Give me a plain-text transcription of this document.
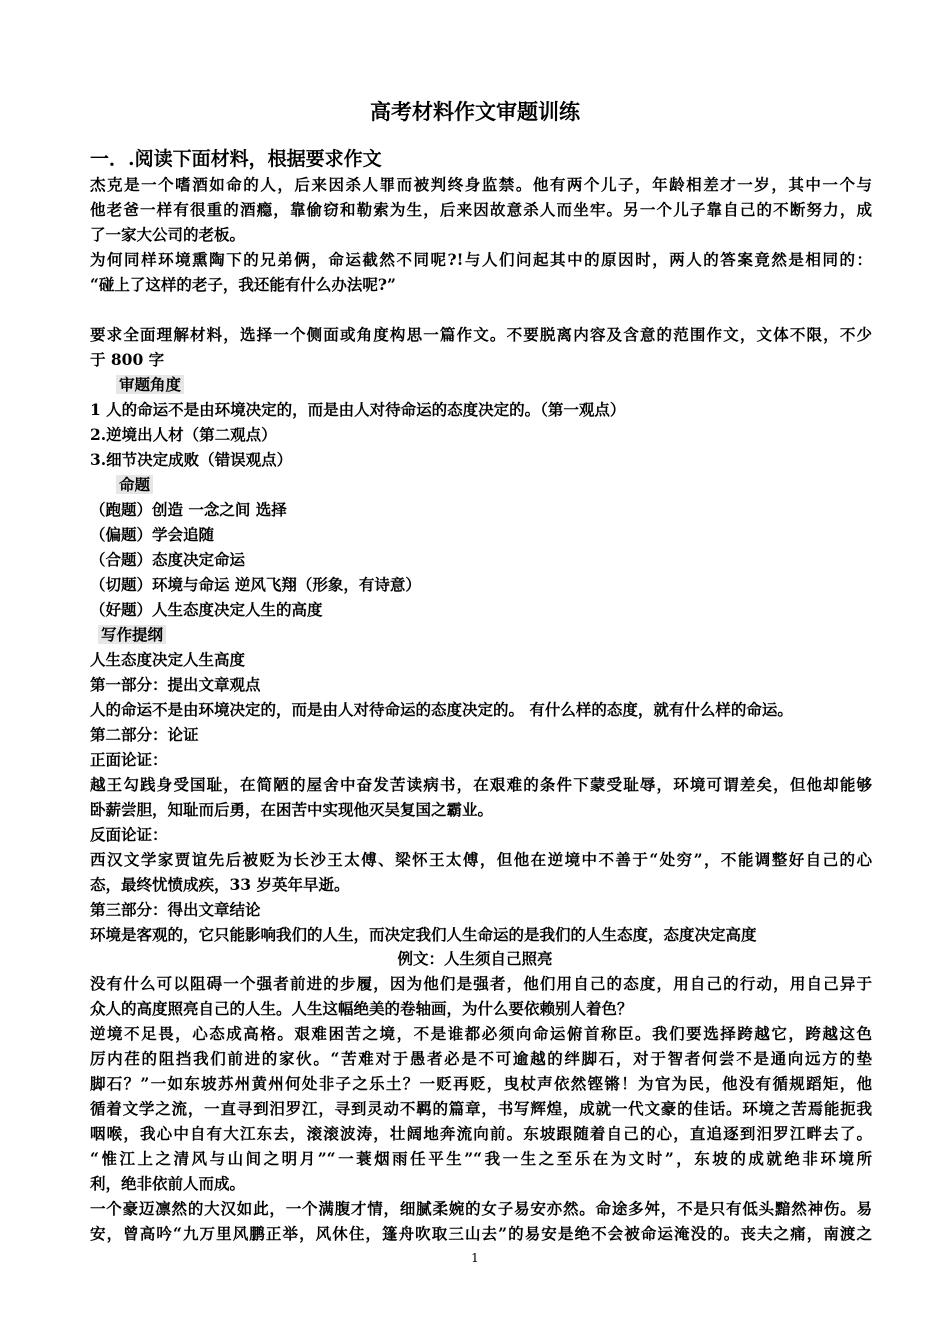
高考材料作文审题训练
一．.阅读下面材料，根据要求作文
杰克是一个嗜酒如命的人，后来因杀人罪而被判终身监禁。他有两个儿子，年龄相差才一岁，其中一个与
他老爸一样有很重的酒瘾，靠偷窃和勒索为生，后来因故意杀人而坐牢。另一个儿子靠自己的不断努力，成
了一家大公司的老板。
为何同样环境熏陶下的兄弟俩，命运截然不同呢?!与人们问起其中的原因时，两人的答案竟然是相同的：
“碰上了这样的老子，我还能有什么办法呢?”
要求全面理解材料，选择一个侧面或角度构思一篇作文。不要脱离内容及含意的范围作文，文体不限，不少
于 800 字
审题角度
1 人的命运不是由环境决定的，而是由人对待命运的态度决定的。（第一观点）
2.逆境出人材（第二观点）
3.细节决定成败（错误观点）
命题
（跑题）创造 一念之间 选择
（偏题）学会追随
（合题）态度决定命运
（切题）环境与命运 逆风飞翔（形象，有诗意）
（好题）人生态度决定人生的高度
写作提纲
人生态度决定人生高度
第一部分：提出文章观点
人的命运不是由环境决定的，而是由人对待命运的态度决定的。 有什么样的态度，就有什么样的命运。
第二部分：论证
正面论证：
越王勾践身受国耻，在简陋的屋舍中奋发苦读病书，在艰难的条件下蒙受耻辱，环境可谓差矣，但他却能够
卧薪尝胆，知耻而后勇，在困苦中实现他灭吴复国之霸业。
反面论证：
西汉文学家贾谊先后被贬为长沙王太傅、梁怀王太傅，但他在逆境中不善于“处穷”，不能调整好自己的心
态，最终忧愤成疾，33 岁英年早逝。
第三部分：得出文章结论
环境是客观的，它只能影响我们的人生，而决定我们人生命运的是我们的人生态度，态度决定高度
例文：人生须自己照亮
没有什么可以阻碍一个强者前进的步履，因为他们是强者，他们用自己的态度，用自己的行动，用自己异于
众人的高度照亮自己的人生。人生这幅绝美的卷轴画，为什么要依赖别人着色？
逆境不足畏，心态成高格。艰难困苦之境，不是谁都必须向命运俯首称臣。我们要选择跨越它，跨越这色
厉内荏的阻挡我们前进的家伙。“苦难对于愚者必是不可逾越的绊脚石，对于智者何尝不是通向远方的垫
脚石？”一如东坡苏州黄州何处非子之乐土？一贬再贬，曳杖声依然铿锵！为官为民，他没有循规蹈矩，他
循着文学之流，一直寻到汨罗江，寻到灵动不羁的篇章，书写辉煌，成就一代文豪的佳话。环境之苦焉能扼我
咽喉，我心中自有大江东去，滚滚波涛，壮阔地奔流向前。东坡跟随着自己的心，直追逐到汨罗江畔去了。
“惟江上之清风与山间之明月”“一蓑烟雨任平生”“我一生之至乐在为文时”，东坡的成就绝非环境所
利，绝非依前人而成。
一个豪迈凛然的大汉如此，一个满腹才情，细腻柔婉的女子易安亦然。命途多舛，不是只有低头黯然神伤。易
安，曾高吟“九万里风鹏正举，风休住，篷舟吹取三山去”的易安是绝不会被命运淹没的。丧夫之痛，南渡之
1
